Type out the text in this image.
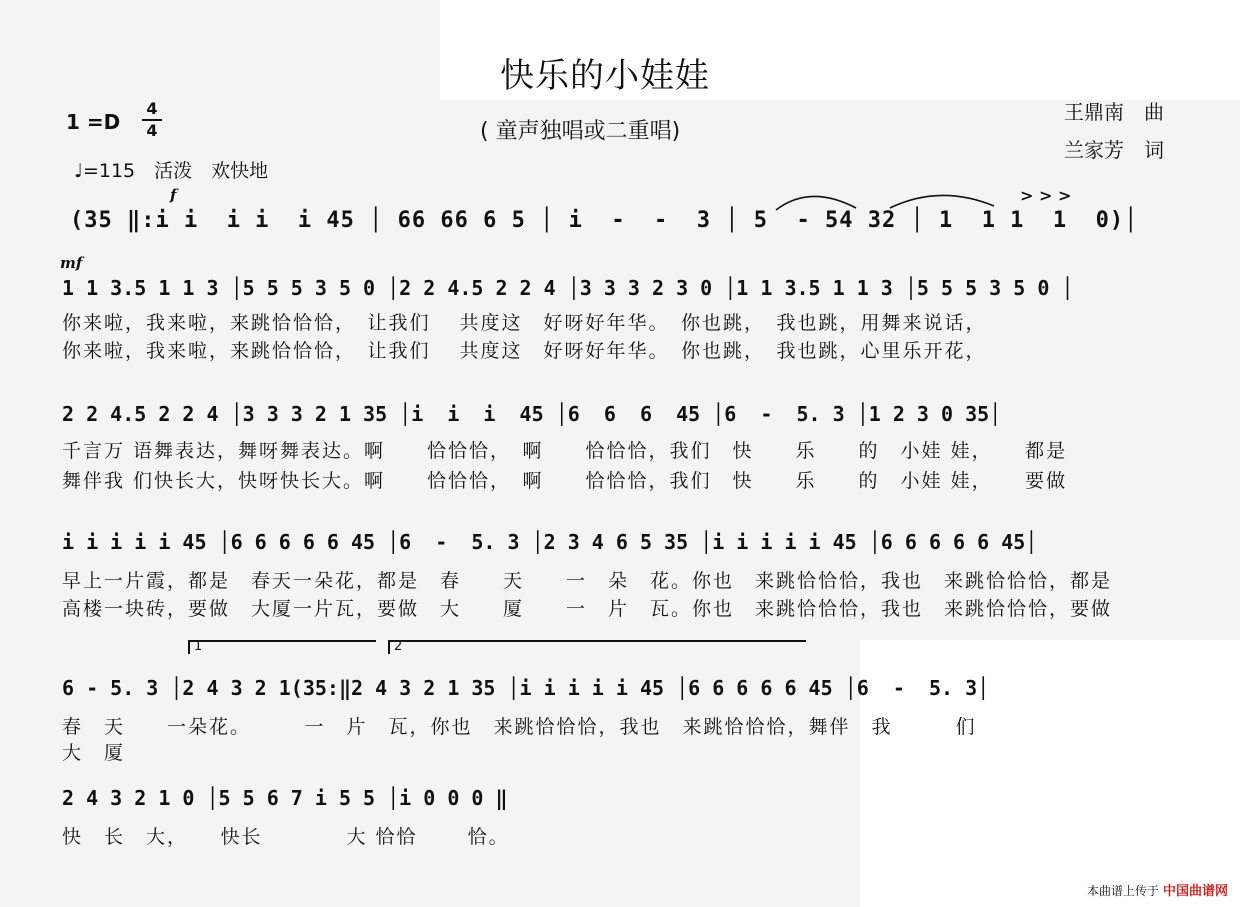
快乐的小娃娃
( 童声独唱或二重唱)
王鼎南　曲
兰家芳　词
1 =D
4
4
♩=115　活泼　欢快地
f	> > >
(35 ‖:i i  i i  i 45 │ 66 66 6 5 │ i  -  -  3 │ 5  - 54 32 │ 1  1 1  1  0)│
mf
1 1 3.5 1 1 3 │5 5 5 3 5 0 │2 2 4.5 2 2 4 │3 3 3 2 3 0 │1 1 3.5 1 1 3 │5 5 5 3 5 0 │
你来啦，我来啦，来跳恰恰恰，　让我们　 共度这　好呀好年华。　你也跳，　我也跳，用舞来说话，
你来啦，我来啦，来跳恰恰恰，　让我们　 共度这　好呀好年华。　你也跳，　我也跳，心里乐开花，
2 2 4.5 2 2 4 │3 3 3 2 1 35 │i  i  i  45 │6  6  6  45 │6  -  5. 3 │1 2 3 0 35│
千言万 语舞表达，舞呀舞表达。啊　　恰恰恰，　啊　　恰恰恰，我们　快　　乐　　的　小娃 娃，　　都是
舞伴我 们快长大，快呀快长大。啊　　恰恰恰，　啊　　恰恰恰，我们　快　　乐　　的　小娃 娃，　　要做
i i i i i 45 │6 6 6 6 6 45 │6  -  5. 3 │2 3 4 6 5 35 │i i i i i 45 │6 6 6 6 6 45│
早上一片霞，都是　春天一朵花，都是　春　　天　　一　朵　花。你也　来跳恰恰恰，我也　来跳恰恰恰，都是
高楼一块砖，要做　大厦一片瓦，要做　大　　厦　　一　片　瓦。你也　来跳恰恰恰，我也　来跳恰恰恰，要做
1	2
6 - 5. 3 │2 4 3 2 1(35:‖2 4 3 2 1 35 │i i i i i 45 │6 6 6 6 6 45 │6  -  5. 3│
春　天　　一朵花。　　　一　片　瓦，你也　来跳恰恰恰，我也　来跳恰恰恰，舞伴　我　　　们
大　厦
2 4 3 2 1 0 │5 5 6 7 i 5 5 │i 0 0 0 ‖
快　长　大，　　快长　　　　大 恰恰　　 恰。
本曲谱上传于 中国曲谱网
